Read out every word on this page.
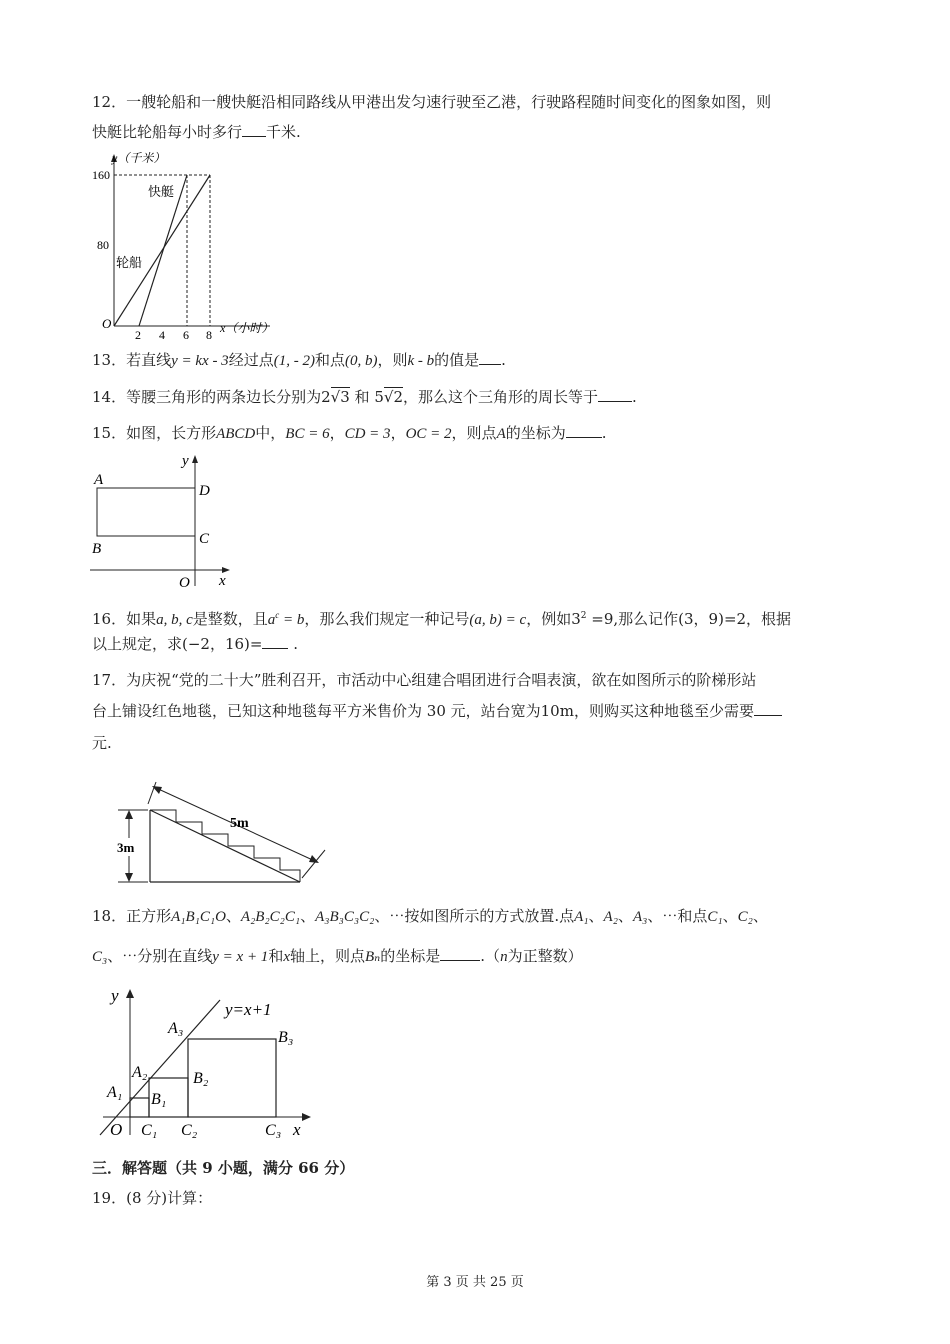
12．一艘轮船和一艘快艇沿相同路线从甲港出发匀速行驶至乙港，行驶路程随时间变化的图象如图，则
快艇比轮船每小时多行 千米.
y（千米）
160
80
2 4 6 8
O	x（小时）
快艇
轮船
13．若直线y = kx - 3经过点(1, - 2)和点(0, b)，则k - b的值是 .
14．等腰三角形的两条边长分别为2√3 和 5√2，那么这个三角形的周长等于 .
15．如图，长方形ABCD中，BC = 6，CD = 3，OC = 2，则点A的坐标为 .
A
B
C
D
O x
y
16．如果a, b, c是整数，且$a^c = b$，那么我们规定一种记号(a, b) = c，例如$3^2 =9$,那么记作(3，9)=2，根据
以上规定，求(−2，16)= .
17．为庆祝“党的二十大”胜利召开，市活动中心组建合唱团进行合唱表演，欲在如图所示的阶梯形站
台上铺设红色地毯，已知这种地毯每平方米售价为 30 元，站台宽为10m，则购买这种地毯至少需要
元.
3m
5m
18．正方形A₁B₁C₁O、A₂B₂C₂C₁、A₃B₃C₃C₂、⋯按如图所示的方式放置.点A₁、A₂、A₃、⋯和点C₁、C₂、
C₃、⋯分别在直线y = x + 1和x轴上，则点Bₙ的坐标是	.（n为正整数）
y=x+1
y
x
O
A₁
A₂
A₃
B₁
B₂
B₃
C₁ C₂	C₃
三．解答题（共 9 小题，满分 66 分）
19．(8 分)计算：
第 3 页 共 25 页
